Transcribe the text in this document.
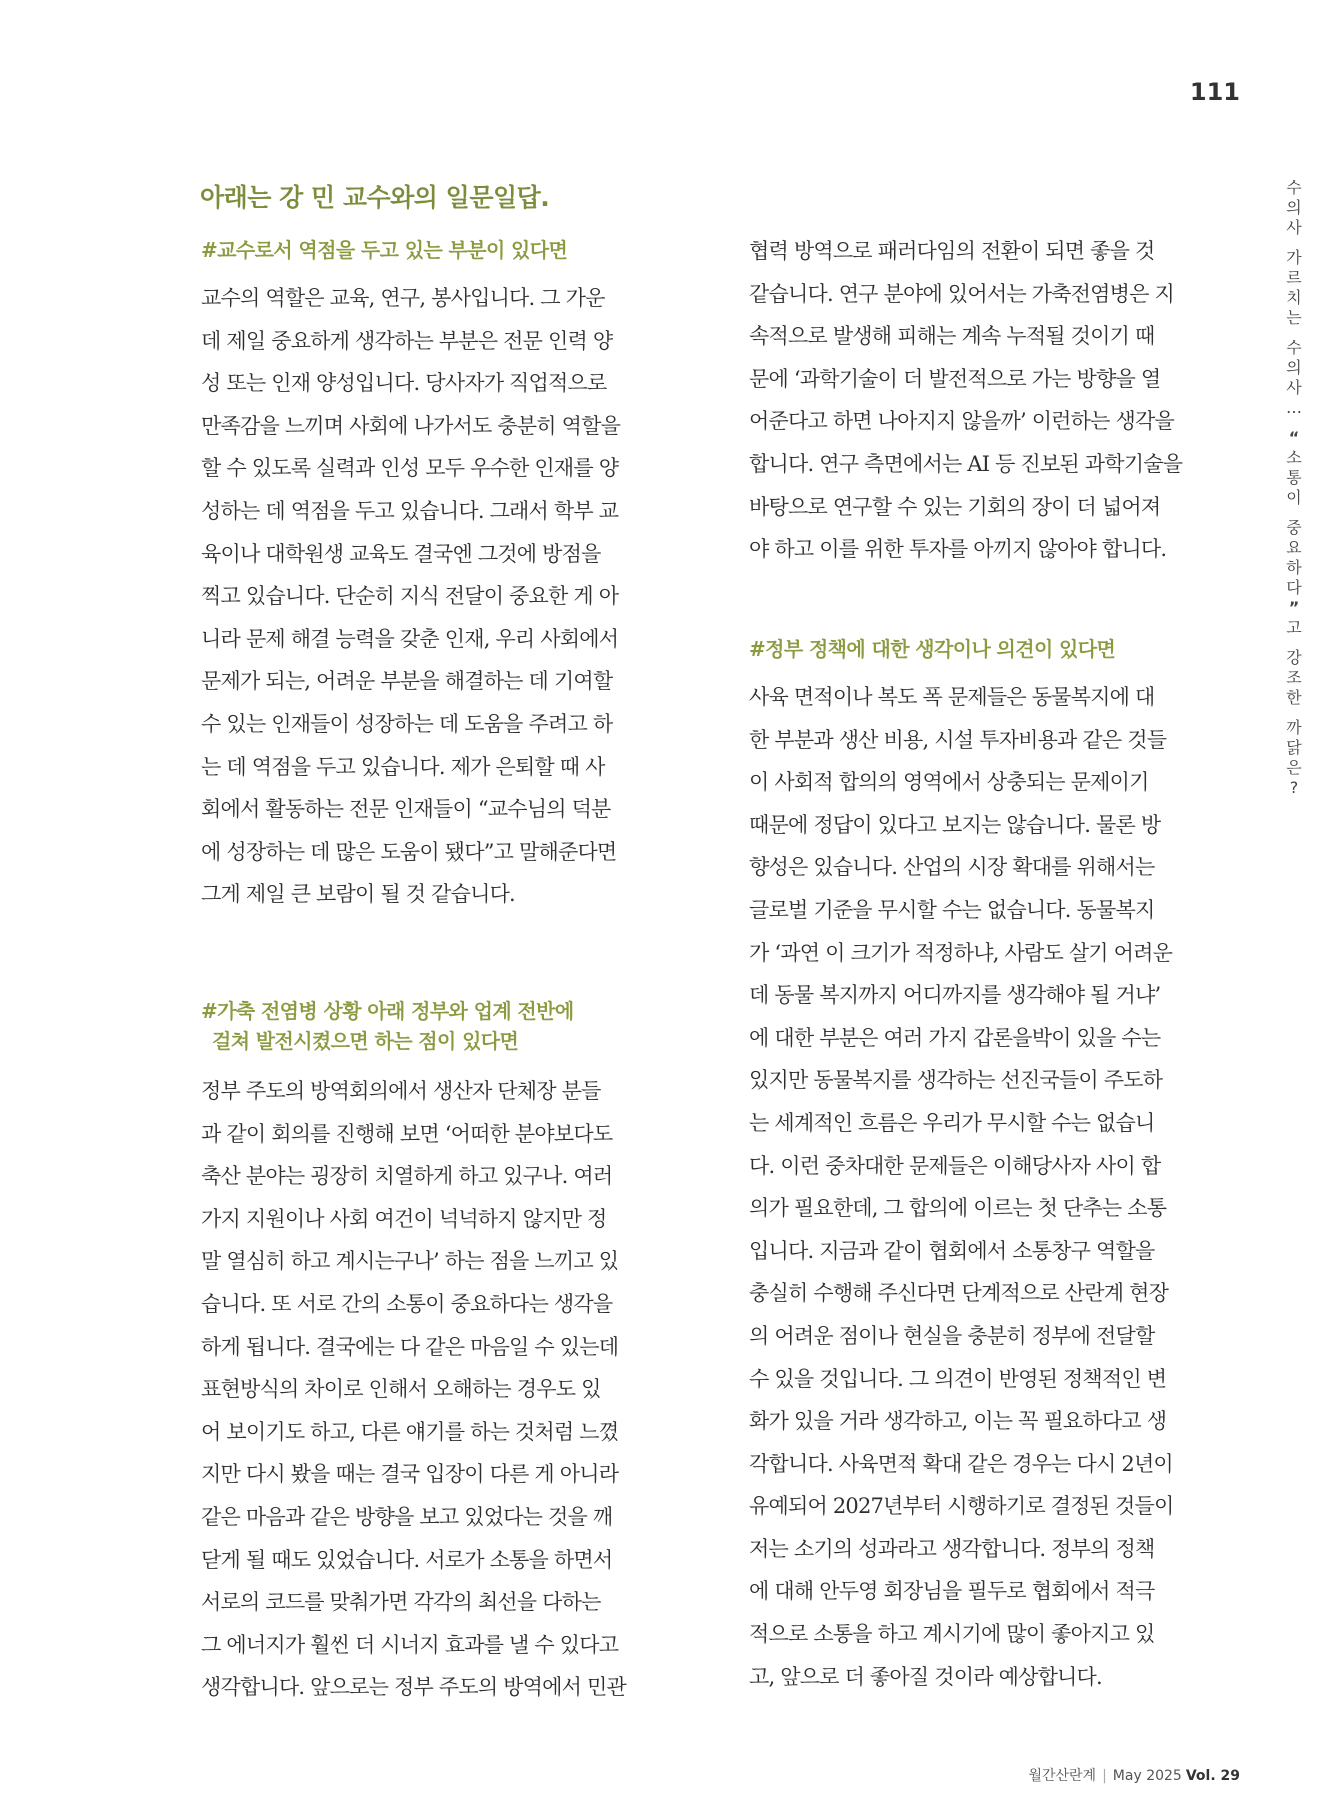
111
아래는 강 민 교수와의 일문일답.
#교수로서 역점을 두고 있는 부분이 있다면

교수의 역할은 교육, 연구, 봉사입니다. 그 가운
데 제일 중요하게 생각하는 부분은 전문 인력 양
성 또는 인재 양성입니다. 당사자가 직업적으로
만족감을 느끼며 사회에 나가서도 충분히 역할을
할 수 있도록 실력과 인성 모두 우수한 인재를 양
성하는 데 역점을 두고 있습니다. 그래서 학부 교
육이나 대학원생 교육도 결국엔 그것에 방점을
찍고 있습니다. 단순히 지식 전달이 중요한 게 아
니라 문제 해결 능력을 갖춘 인재, 우리 사회에서
문제가 되는, 어려운 부분을 해결하는 데 기여할
수 있는 인재들이 성장하는 데 도움을 주려고 하
는 데 역점을 두고 있습니다. 제가 은퇴할 때 사
회에서 활동하는 전문 인재들이 “교수님의 덕분
에 성장하는 데 많은 도움이 됐다”고 말해준다면
그게 제일 큰 보람이 될 것 같습니다.

#가축 전염병 상황 아래 정부와 업계 전반에
걸쳐 발전시켰으면 하는 점이 있다면

정부 주도의 방역회의에서 생산자 단체장 분들
과 같이 회의를 진행해 보면 ‘어떠한 분야보다도
축산 분야는 굉장히 치열하게 하고 있구나. 여러
가지 지원이나 사회 여건이 넉넉하지 않지만 정
말 열심히 하고 계시는구나’ 하는 점을 느끼고 있
습니다. 또 서로 간의 소통이 중요하다는 생각을
하게 됩니다. 결국에는 다 같은 마음일 수 있는데
표현방식의 차이로 인해서 오해하는 경우도 있
어 보이기도 하고, 다른 얘기를 하는 것처럼 느꼈
지만 다시 봤을 때는 결국 입장이 다른 게 아니라
같은 마음과 같은 방향을 보고 있었다는 것을 깨
닫게 될 때도 있었습니다. 서로가 소통을 하면서
서로의 코드를 맞춰가면 각각의 최선을 다하는
그 에너지가 훨씬 더 시너지 효과를 낼 수 있다고
생각합니다. 앞으로는 정부 주도의 방역에서 민관

협력 방역으로 패러다임의 전환이 되면 좋을 것
같습니다. 연구 분야에 있어서는 가축전염병은 지
속적으로 발생해 피해는 계속 누적될 것이기 때
문에 ‘과학기술이 더 발전적으로 가는 방향을 열
어준다고 하면 나아지지 않을까’ 이런하는 생각을
합니다. 연구 측면에서는 AI 등 진보된 과학기술을
바탕으로 연구할 수 있는 기회의 장이 더 넓어져
야 하고 이를 위한 투자를 아끼지 않아야 합니다.

#정부 정책에 대한 생각이나 의견이 있다면

사육 면적이나 복도 폭 문제들은 동물복지에 대
한 부분과 생산 비용, 시설 투자비용과 같은 것들
이 사회적 합의의 영역에서 상충되는 문제이기
때문에 정답이 있다고 보지는 않습니다. 물론 방
향성은 있습니다. 산업의 시장 확대를 위해서는
글로벌 기준을 무시할 수는 없습니다. 동물복지
가 ‘과연 이 크기가 적정하냐, 사람도 살기 어려운
데 동물 복지까지 어디까지를 생각해야 될 거냐’
에 대한 부분은 여러 가지 갑론을박이 있을 수는
있지만 동물복지를 생각하는 선진국들이 주도하
는 세계적인 흐름은 우리가 무시할 수는 없습니
다. 이런 중차대한 문제들은 이해당사자 사이 합
의가 필요한데, 그 합의에 이르는 첫 단추는 소통
입니다. 지금과 같이 협회에서 소통창구 역할을
충실히 수행해 주신다면 단계적으로 산란계 현장
의 어려운 점이나 현실을 충분히 정부에 전달할
수 있을 것입니다. 그 의견이 반영된 정책적인 변
화가 있을 거라 생각하고, 이는 꼭 필요하다고 생
각합니다. 사육면적 확대 같은 경우는 다시 2년이
유예되어 2027년부터 시행하기로 결정된 것들이
저는 소기의 성과라고 생각합니다. 정부의 정책
에 대해 안두영 회장님을 필두로 협회에서 적극
적으로 소통을 하고 계시기에 많이 좋아지고 있
고, 앞으로 더 좋아질 것이라 예상합니다.

수
의
사
가
르
치
는
수
의
사
…
“
소
통
이
중
요
하
다
”
고
강
조
한
까
닭
은
?
월간산란계 | May 2025 Vol. 29
